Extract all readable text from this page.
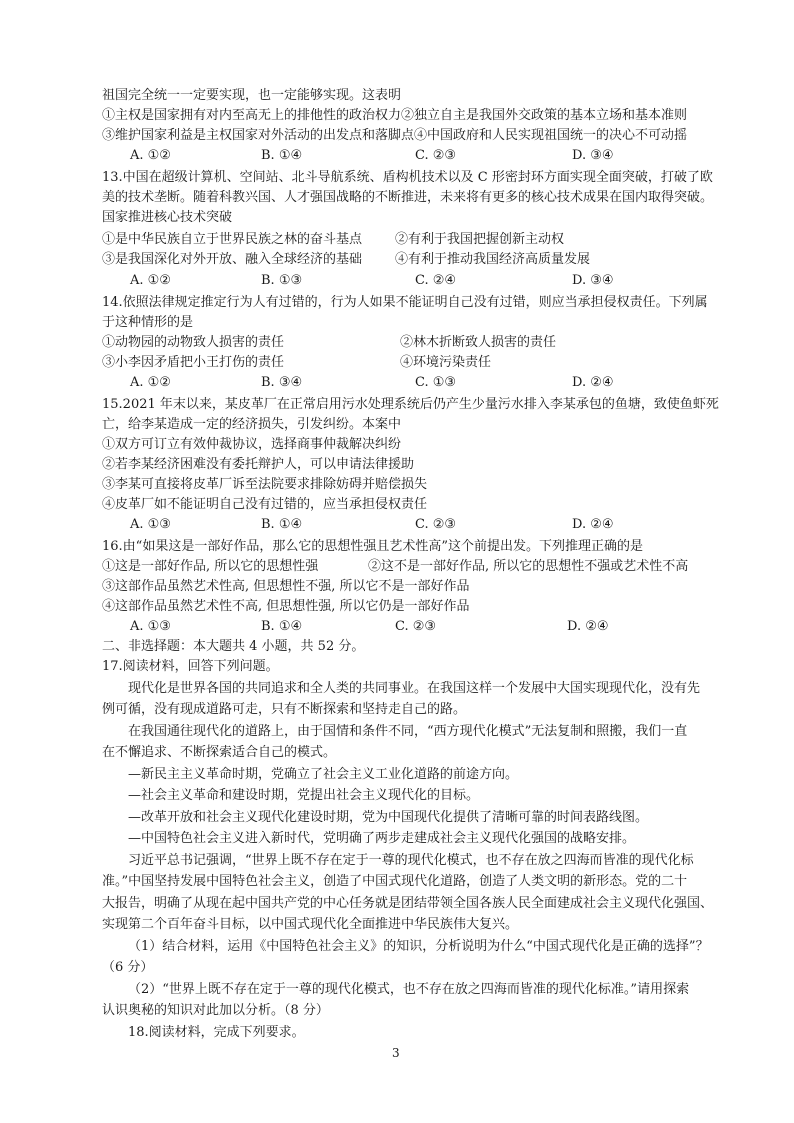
祖国完全统一一定要实现，也一定能够实现。这表明
①主权是国家拥有对内至高无上的排他性的政治权力②独立自主是我国外交政策的基本立场和基本准则
③维护国家利益是主权国家对外活动的出发点和落脚点④中国政府和人民实现祖国统一的决心不可动摇
A. ①②	B. ①④	C. ②③	D. ③④
13.中国在超级计算机、空间站、北斗导航系统、盾构机技术以及 C 形密封环方面实现全面突破，打破了欧
美的技术垄断。随着科教兴国、人才强国战略的不断推进，未来将有更多的核心技术成果在国内取得突破。
国家推进核心技术突破
①是中华民族自立于世界民族之林的奋斗基点	②有利于我国把握创新主动权
③是我国深化对外开放、融入全球经济的基础	④有利于推动我国经济高质量发展
A. ①②	B. ①③	C. ②④	D. ③④
14.依照法律规定推定行为人有过错的，行为人如果不能证明自己没有过错，则应当承担侵权责任。下列属
于这种情形的是
①动物园的动物致人损害的责任	②林木折断致人损害的责任
③小李因矛盾把小王打伤的责任	④环境污染责任
A. ①②	B. ③④	C. ①③	D. ②④
15.2021 年末以来，某皮革厂在正常启用污水处理系统后仍产生少量污水排入李某承包的鱼塘，致使鱼虾死
亡，给李某造成一定的经济损失，引发纠纷。本案中
①双方可订立有效仲裁协议，选择商事仲裁解决纠纷
②若李某经济困难没有委托辩护人，可以申请法律援助
③李某可直接将皮革厂诉至法院要求排除妨碍并赔偿损失
④皮革厂如不能证明自己没有过错的，应当承担侵权责任
A. ①③	B. ①④	C. ②③	D. ②④
16.由“如果这是一部好作品，那么它的思想性强且艺术性高”这个前提出发。下列推理正确的是
①这是一部好作品, 所以它的思想性强	②这不是一部好作品, 所以它的思想性不强或艺术性不高
③这部作品虽然艺术性高, 但思想性不强, 所以它不是一部好作品
④这部作品虽然艺术性不高, 但思想性强, 所以它仍是一部好作品
A. ①③	B. ①④	C. ②③	D. ②④
二、非选择题：本大题共 4 小题，共 52 分。
17.阅读材料，回答下列问题。
现代化是世界各国的共同追求和全人类的共同事业。在我国这样一个发展中大国实现现代化，没有先
例可循，没有现成道路可走，只有不断探索和坚持走自己的路。
在我国通往现代化的道路上，由于国情和条件不同，“西方现代化模式”无法复制和照搬，我们一直
在不懈追求、不断探索适合自己的模式。
—新民主主义革命时期，党确立了社会主义工业化道路的前途方向。
—社会主义革命和建设时期，党提出社会主义现代化的目标。
—改革开放和社会主义现代化建设时期，党为中国现代化提供了清晰可靠的时间表路线图。
—中国特色社会主义进入新时代，党明确了两步走建成社会主义现代化强国的战略安排。
习近平总书记强调，“世界上既不存在定于一尊的现代化模式，也不存在放之四海而皆准的现代化标
准。”中国坚持发展中国特色社会主义，创造了中国式现代化道路，创造了人类文明的新形态。党的二十
大报告，明确了从现在起中国共产党的中心任务就是团结带领全国各族人民全面建成社会主义现代化强国、
实现第二个百年奋斗目标，以中国式现代化全面推进中华民族伟大复兴。
（1）结合材料，运用《中国特色社会主义》的知识，分析说明为什么“中国式现代化是正确的选择”？
（6 分）
（2）“世界上既不存在定于一尊的现代化模式，也不存在放之四海而皆准的现代化标准。”请用探索
认识奥秘的知识对此加以分析。（8 分）
18.阅读材料，完成下列要求。
3
